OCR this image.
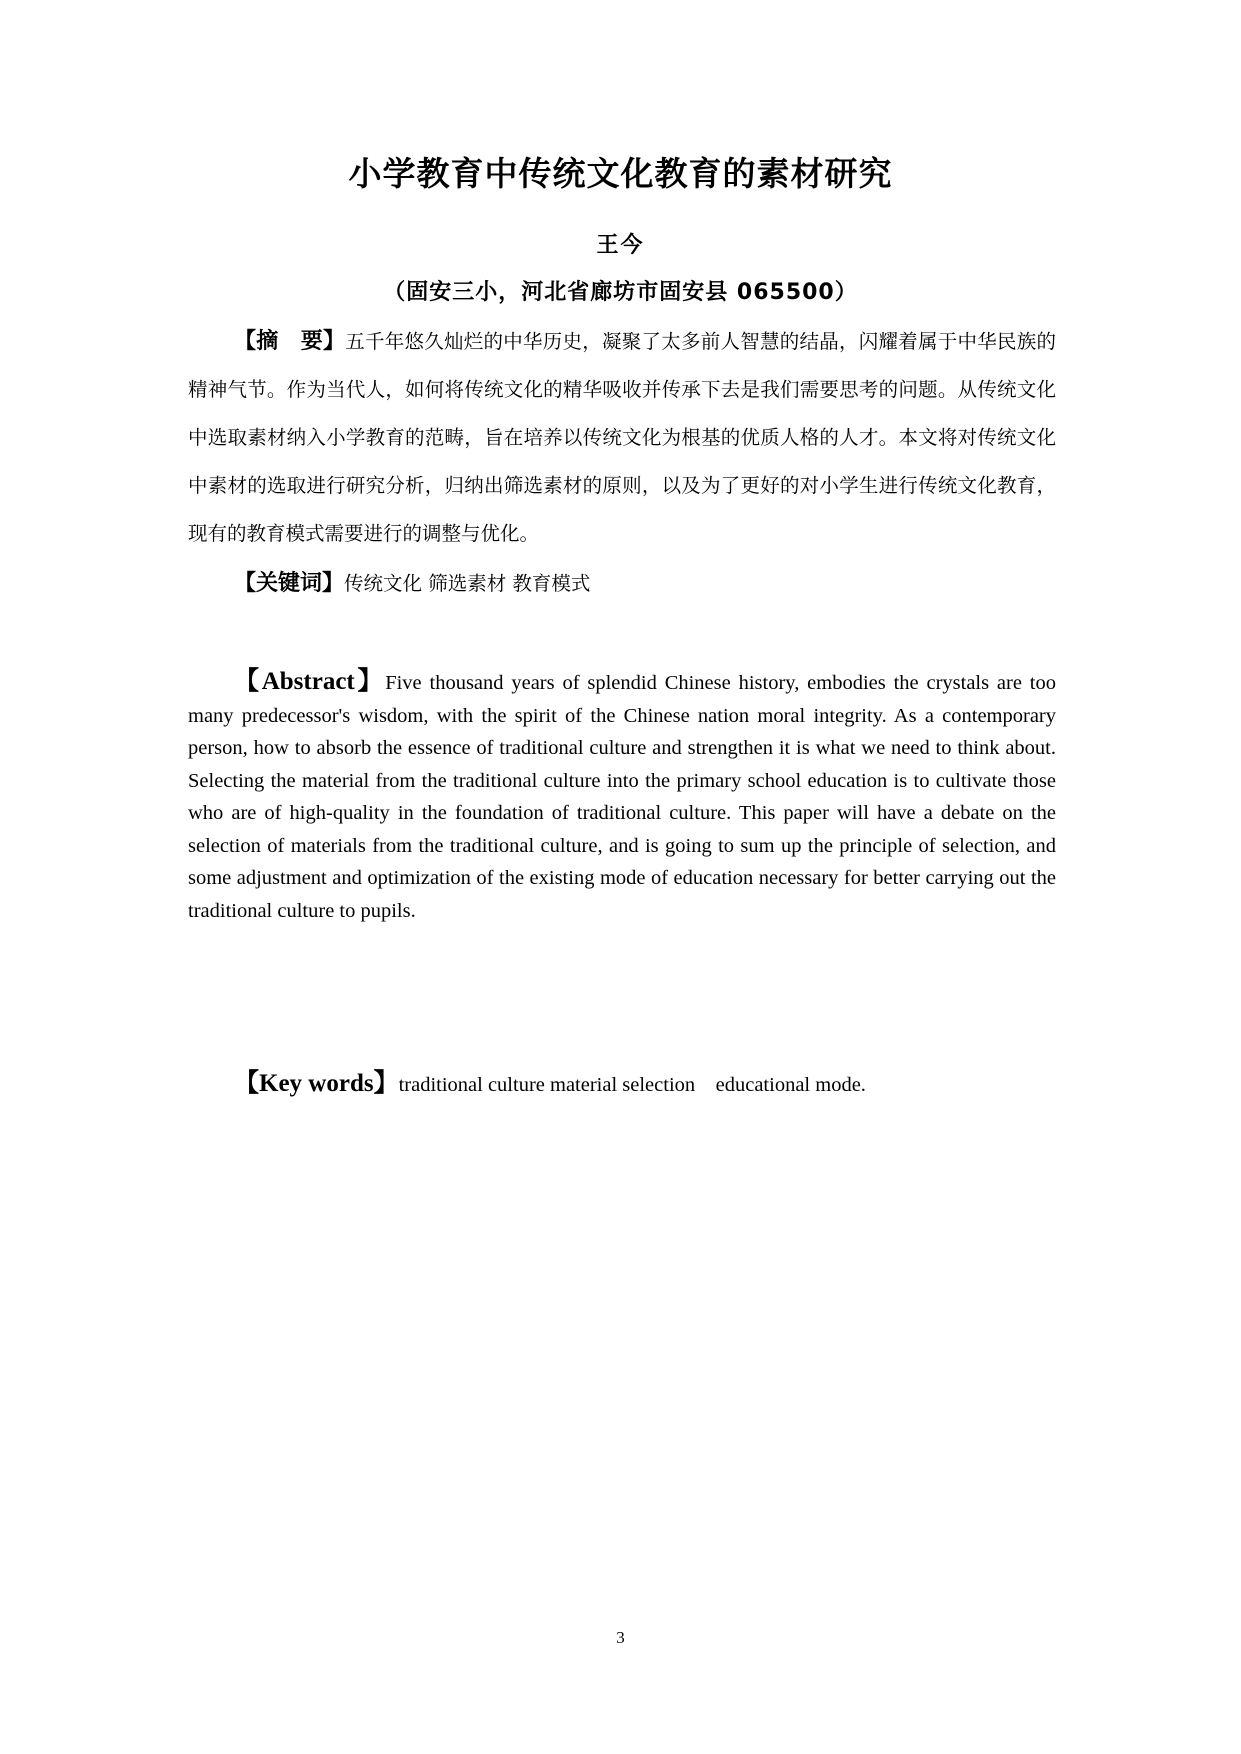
小学教育中传统文化教育的素材研究
王今
（固安三小，河北省廊坊市固安县 065500）
【摘　要】五千年悠久灿烂的中华历史，凝聚了太多前人智慧的结晶，闪耀着属于中华民族的精神气节。作为当代人，如何将传统文化的精华吸收并传承下去是我们需要思考的问题。从传统文化中选取素材纳入小学教育的范畴，旨在培养以传统文化为根基的优质人格的人才。本文将对传统文化中素材的选取进行研究分析，归纳出筛选素材的原则，以及为了更好的对小学生进行传统文化教育，现有的教育模式需要进行的调整与优化。
【关键词】传统文化 筛选素材 教育模式
【Abstract】Five thousand years of splendid Chinese history, embodies the crystals are too many predecessor's wisdom, with the spirit of the Chinese nation moral integrity. As a contemporary person, how to absorb the essence of traditional culture and strengthen it is what we need to think about. Selecting the material from the traditional culture into the primary school education is to cultivate those who are of high-quality in the foundation of traditional culture. This paper will have a debate on the selection of materials from the traditional culture, and is going to sum up the principle of selection, and some adjustment and optimization of the existing mode of education necessary for better carrying out the traditional culture to pupils.
【Key words】traditional culture material selection    educational mode.
3
